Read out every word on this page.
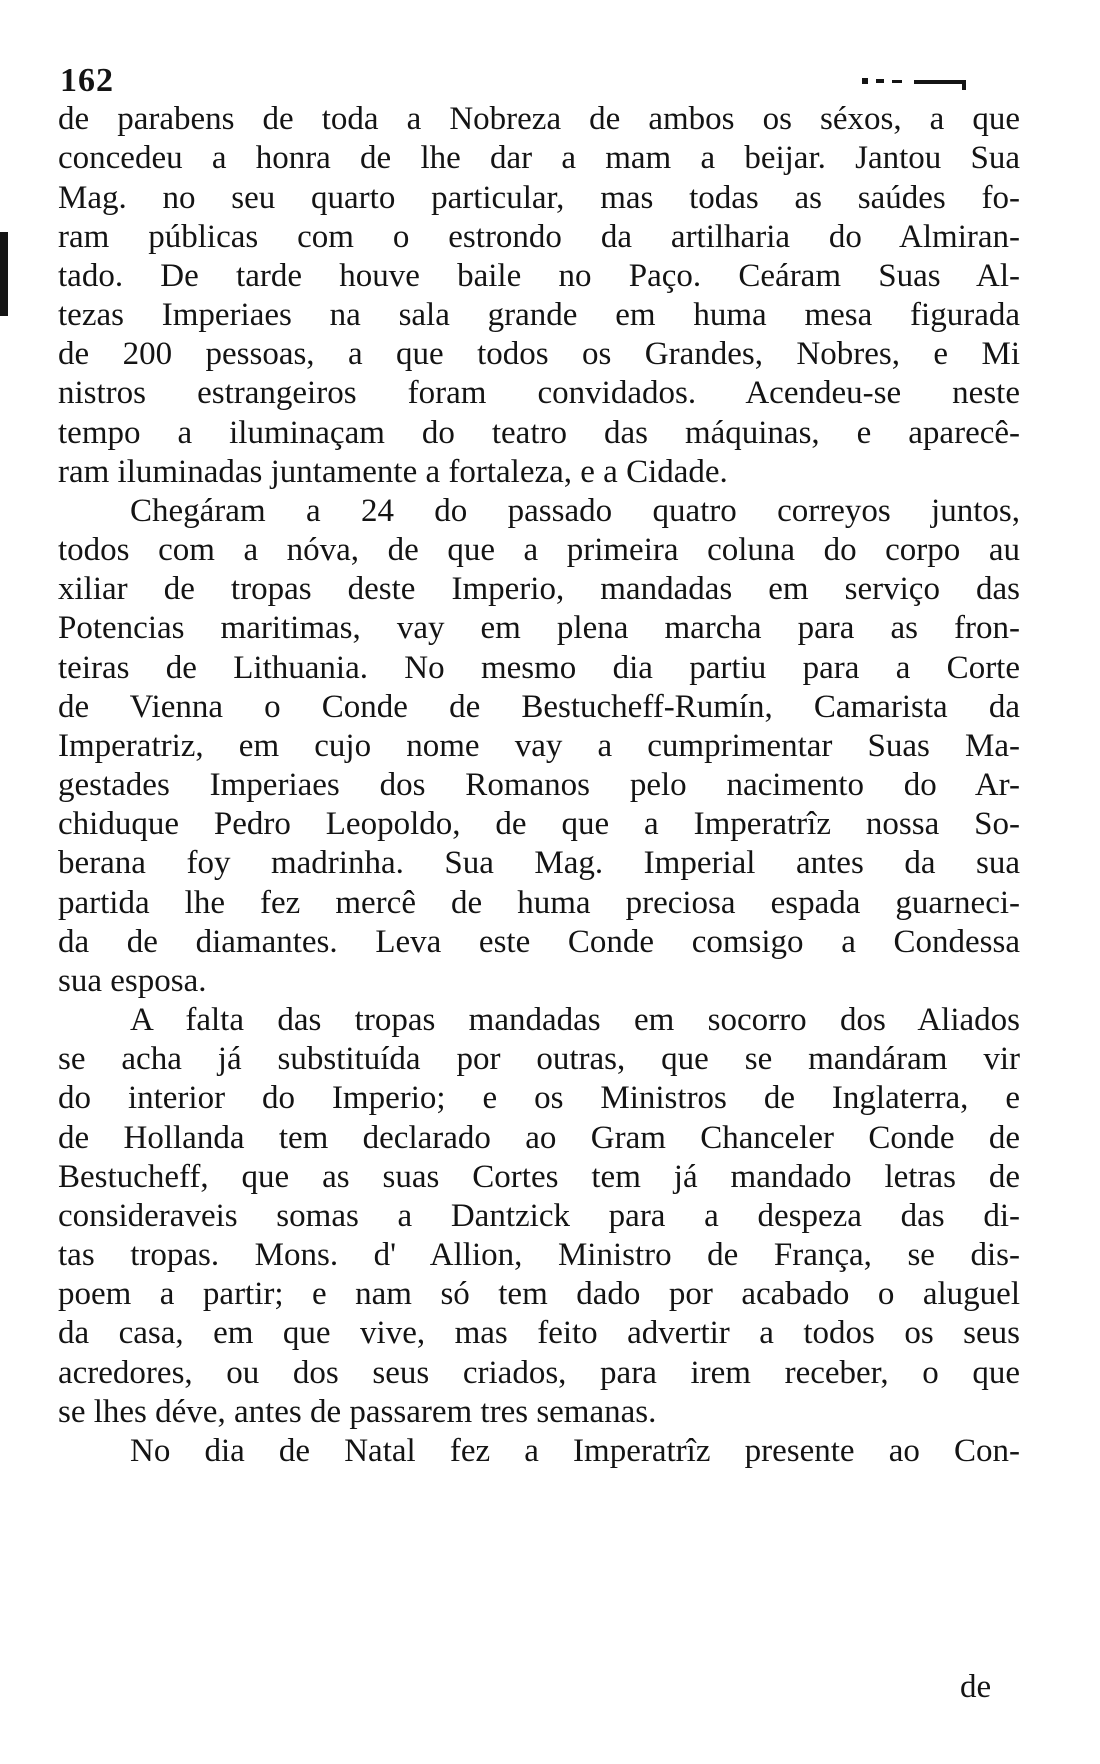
162
de parabens de toda a Nobreza de ambos os séxos, a que
concedeu a honra de lhe dar a mam a beijar. Jantou Sua
Mag. no seu quarto particular, mas todas as saúdes fo-
ram públicas com o estrondo da artilharia do Almiran-
tado. De tarde houve baile no Paço. Ceáram Suas Al-
tezas Imperiaes na sala grande em huma mesa figurada
de 200 pessoas, a que todos os Grandes, Nobres, e Mi
nistros estrangeiros foram convidados. Acendeu-se neste
tempo a iluminaçam do teatro das máquinas, e aparecê-
ram iluminadas juntamente a fortaleza, e a Cidade.
Chegáram a 24 do passado quatro correyos juntos,
todos com a nóva, de que a primeira coluna do corpo au
xiliar de tropas deste Imperio, mandadas em serviço das
Potencias maritimas, vay em plena marcha para as fron-
teiras de Lithuania. No mesmo dia partiu para a Corte
de Vienna o Conde de Bestucheff-Rumín, Camarista da
Imperatriz, em cujo nome vay a cumprimentar Suas Ma-
gestades Imperiaes dos Romanos pelo nacimento do Ar-
chiduque Pedro Leopoldo, de que a Imperatrîz nossa So-
berana foy madrinha. Sua Mag. Imperial antes da sua
partida lhe fez mercê de huma preciosa espada guarneci-
da de diamantes. Leva este Conde comsigo a Condessa
sua esposa.
A falta das tropas mandadas em socorro dos Aliados
se acha já substituída por outras, que se mandáram vir
do interior do Imperio; e os Ministros de Inglaterra, e
de Hollanda tem declarado ao Gram Chanceler Conde de
Bestucheff, que as suas Cortes tem já mandado letras de
consideraveis somas a Dantzick para a despeza das di-
tas tropas. Mons. d' Allion, Ministro de França, se dis-
poem a partir; e nam só tem dado por acabado o aluguel
da casa, em que vive, mas feito advertir a todos os seus
acredores, ou dos seus criados, para irem receber, o que
se lhes déve, antes de passarem tres semanas.
No dia de Natal fez a Imperatrîz presente ao Con-
de
